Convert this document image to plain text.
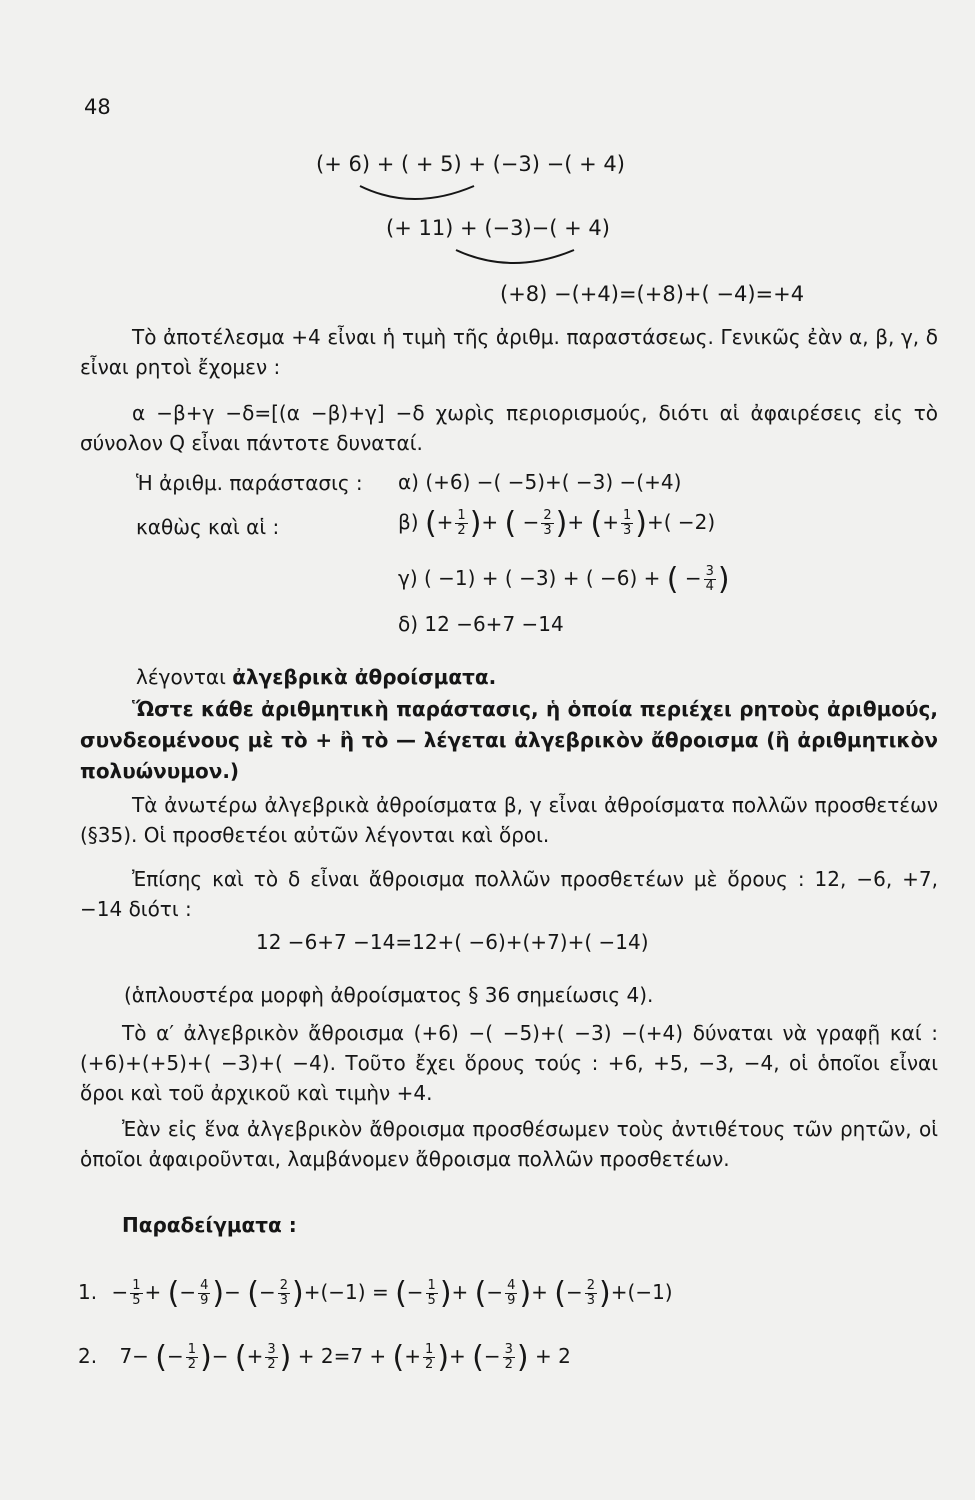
48
(+ 6) + ( + 5) + (−3) −( + 4)
(+ 11) + (−3)−( + 4)
(+8) −(+4)=(+8)+( −4)=+4
Τὸ ἀποτέλεσμα +4 εἶναι ἡ τιμὴ τῆς ἀριθμ. παραστάσεως. Γενικῶς ἐὰν α, β, γ, δ εἶναι ρητοὶ ἔχομεν :
α −β+γ −δ=[(α −β)+γ] −δ χωρὶς περιορισμούς, διότι αἱ ἀφαιρέσεις εἰς τὸ σύνολον Q εἶναι πάντοτε δυναταί.
Ἡ ἀριθμ. παράστασις : α) (+6) −( −5)+( −3) −(+4)
καθὼς καὶ αἱ :	β) (+ $\frac{1}{2}$ )+ ( − $\frac{2}{3}$ )+ (+ $\frac{1}{3}$ )+( −2)
γ) ( −1) + ( −3) + ( −6) + ( − $\frac{3}{4}$ )
δ) 12 −6+7 −14
λέγονται ἀλγεβρικὰ ἀθροίσματα.
Ὥστε κάθε ἀριθμητικὴ παράστασις, ἡ ὁποία περιέχει ρητοὺς ἀριθμούς, συνδεομένους μὲ τὸ + ἢ τὸ — λέγεται ἀλγεβρικὸν ἄθροισμα (ἢ ἀριθμητικὸν πολυώνυμον.)
Τὰ ἀνωτέρω ἀλγεβρικὰ ἀθροίσματα β, γ εἶναι ἀθροίσματα πολλῶν προσθετέων (§35). Οἱ προσθετέοι αὐτῶν λέγονται καὶ ὅροι.
Ἐπίσης καὶ τὸ δ εἶναι ἄθροισμα πολλῶν προσθετέων μὲ ὅρους : 12, −6, +7, −14 διότι :
12 −6+7 −14=12+( −6)+(+7)+( −14)
(ἁπλουστέρα μορφὴ ἀθροίσματος § 36 σημείωσις 4).
Τὸ α′ ἀλγεβρικὸν ἄθροισμα (+6) −( −5)+( −3) −(+4) δύναται νὰ γραφῇ καί : (+6)+(+5)+( −3)+( −4). Τοῦτο ἔχει ὅρους τούς : +6, +5, −3, −4, οἱ ὁποῖοι εἶναι ὅροι καὶ τοῦ ἀρχικοῦ καὶ τιμὴν +4.
Ἐὰν εἰς ἕνα ἀλγεβρικὸν ἄθροισμα προσθέσωμεν τοὺς ἀντιθέτους τῶν ρητῶν, οἱ ὁποῖοι ἀφαιροῦνται, λαμβάνομεν ἄθροισμα πολλῶν προσθετέων.
Παραδείγματα :
1. − $\frac{1}{5}$ + (− $\frac{4}{9}$ )− (− $\frac{2}{3} )+(-1)$ = (− $\frac{1}{5}$ )+ (− $\frac{4}{9}$ )+ (− $\frac{2}{3} )+(-1)$
2. 7− (− $\frac{1}{2}$ )− (+ $\frac{3}{2}$ ) + 2=7 + (+ $\frac{1}{2}$ )+ (− $\frac{3}{2}$ ) + 2
